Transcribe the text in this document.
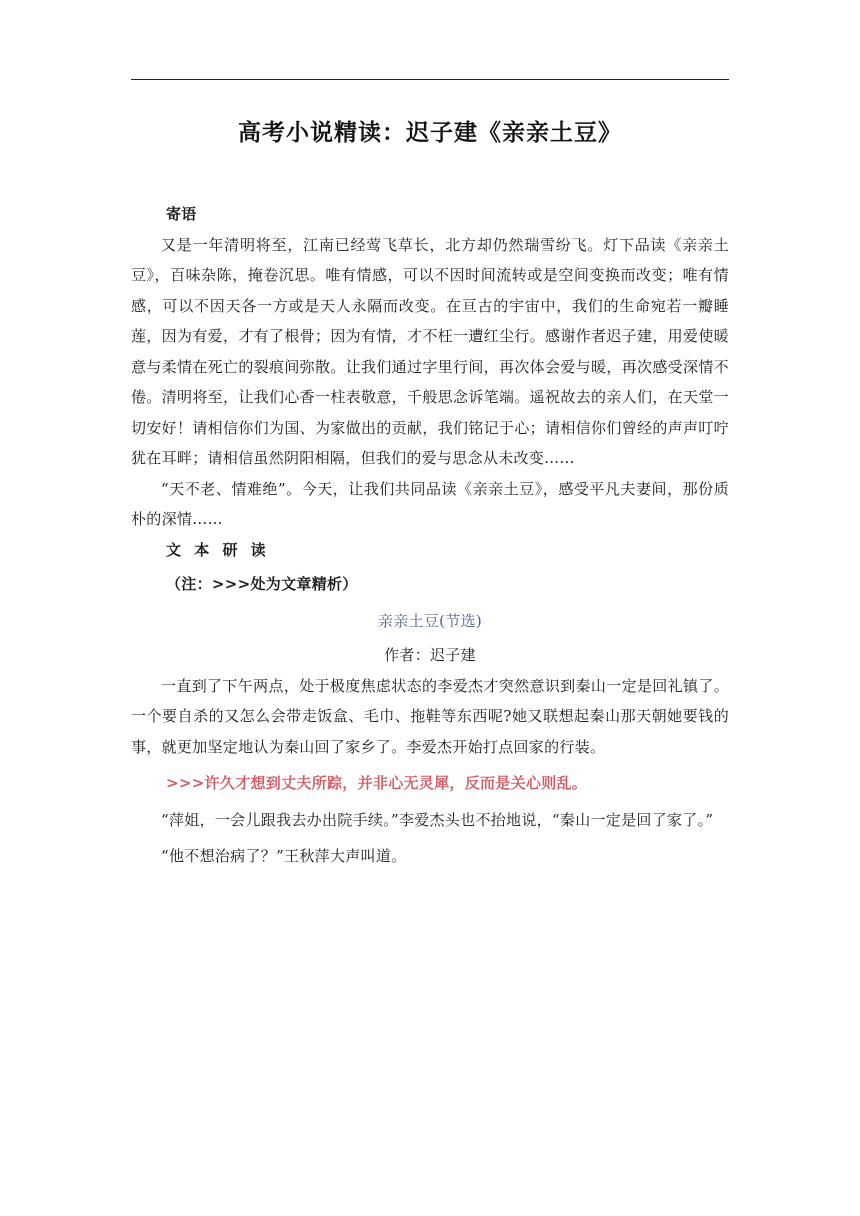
高考小说精读：迟子建《亲亲土豆》
寄语

又是一年清明将至，江南已经莺飞草长，北方却仍然瑞雪纷飞。灯下品读《亲亲土豆》，百味杂陈，掩卷沉思。唯有情感，可以不因时间流转或是空间变换而改变；唯有情感，可以不因天各一方或是天人永隔而改变。在亘古的宇宙中，我们的生命宛若一瓣睡莲，因为有爱，才有了根骨；因为有情，才不枉一遭红尘行。感谢作者迟子建，用爱使暖意与柔情在死亡的裂痕间弥散。让我们通过字里行间，再次体会爱与暖，再次感受深情不倦。清明将至，让我们心香一柱表敬意，千般思念诉笔端。遥祝故去的亲人们，在天堂一切安好！请相信你们为国、为家做出的贡献，我们铭记于心；请相信你们曾经的声声叮咛犹在耳畔；请相信虽然阴阳相隔，但我们的爱与思念从未改变……

“天不老、情难绝”。今天，让我们共同品读《亲亲土豆》，感受平凡夫妻间，那份质朴的深情……

文 本 研 读
（注：>>>处为文章精析）
亲亲土豆(节选)
作者：迟子建

一直到了下午两点，处于极度焦虑状态的李爱杰才突然意识到秦山一定是回礼镇了。一个要自杀的又怎么会带走饭盒、毛巾、拖鞋等东西呢?她又联想起秦山那天朝她要钱的事，就更加坚定地认为秦山回了家乡了。李爱杰开始打点回家的行装。

>>>许久才想到丈夫所踪，并非心无灵犀，反而是关心则乱。

“萍姐，一会儿跟我去办出院手续。”李爱杰头也不抬地说，“秦山一定是回了家了。”

“他不想治病了？”王秋萍大声叫道。
